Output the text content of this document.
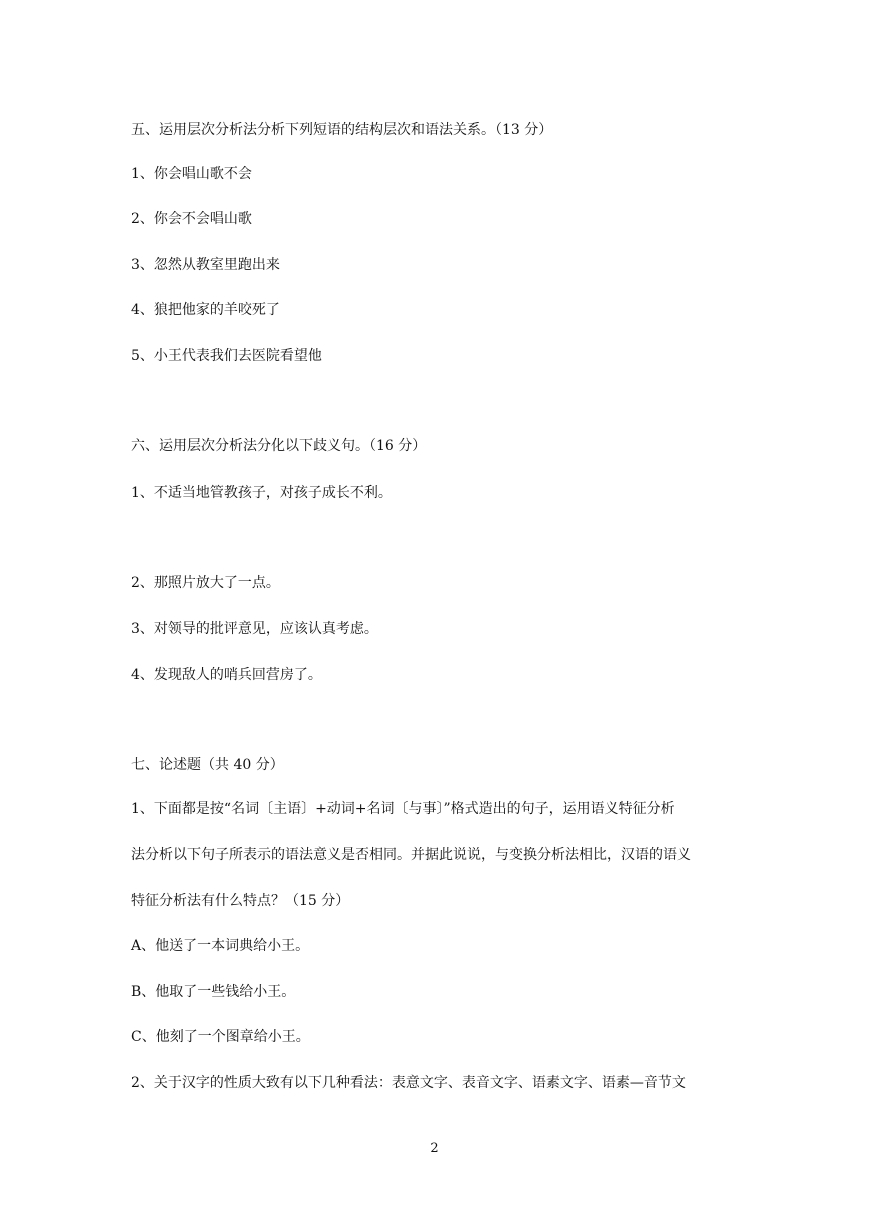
五、运用层次分析法分析下列短语的结构层次和语法关系。（13 分）
1、你会唱山歌不会
2、你会不会唱山歌
3、忽然从教室里跑出来
4、狼把他家的羊咬死了
5、小王代表我们去医院看望他
六、运用层次分析法分化以下歧义句。（16 分）
1、不适当地管教孩子，对孩子成长不利。
2、那照片放大了一点。
3、对领导的批评意见，应该认真考虑。
4、发现敌人的哨兵回营房了。
七、论述题（共 40 分）
1、下面都是按“名词〔主语〕+动词+名词〔与事〕”格式造出的句子，运用语义特征分析
法分析以下句子所表示的语法意义是否相同。并据此说说，与变换分析法相比，汉语的语义
特征分析法有什么特点？（15 分）
A、他送了一本词典给小王。
B、他取了一些钱给小王。
C、他刻了一个图章给小王。
2、关于汉字的性质大致有以下几种看法：表意文字、表音文字、语素文字、语素—音节文
2
